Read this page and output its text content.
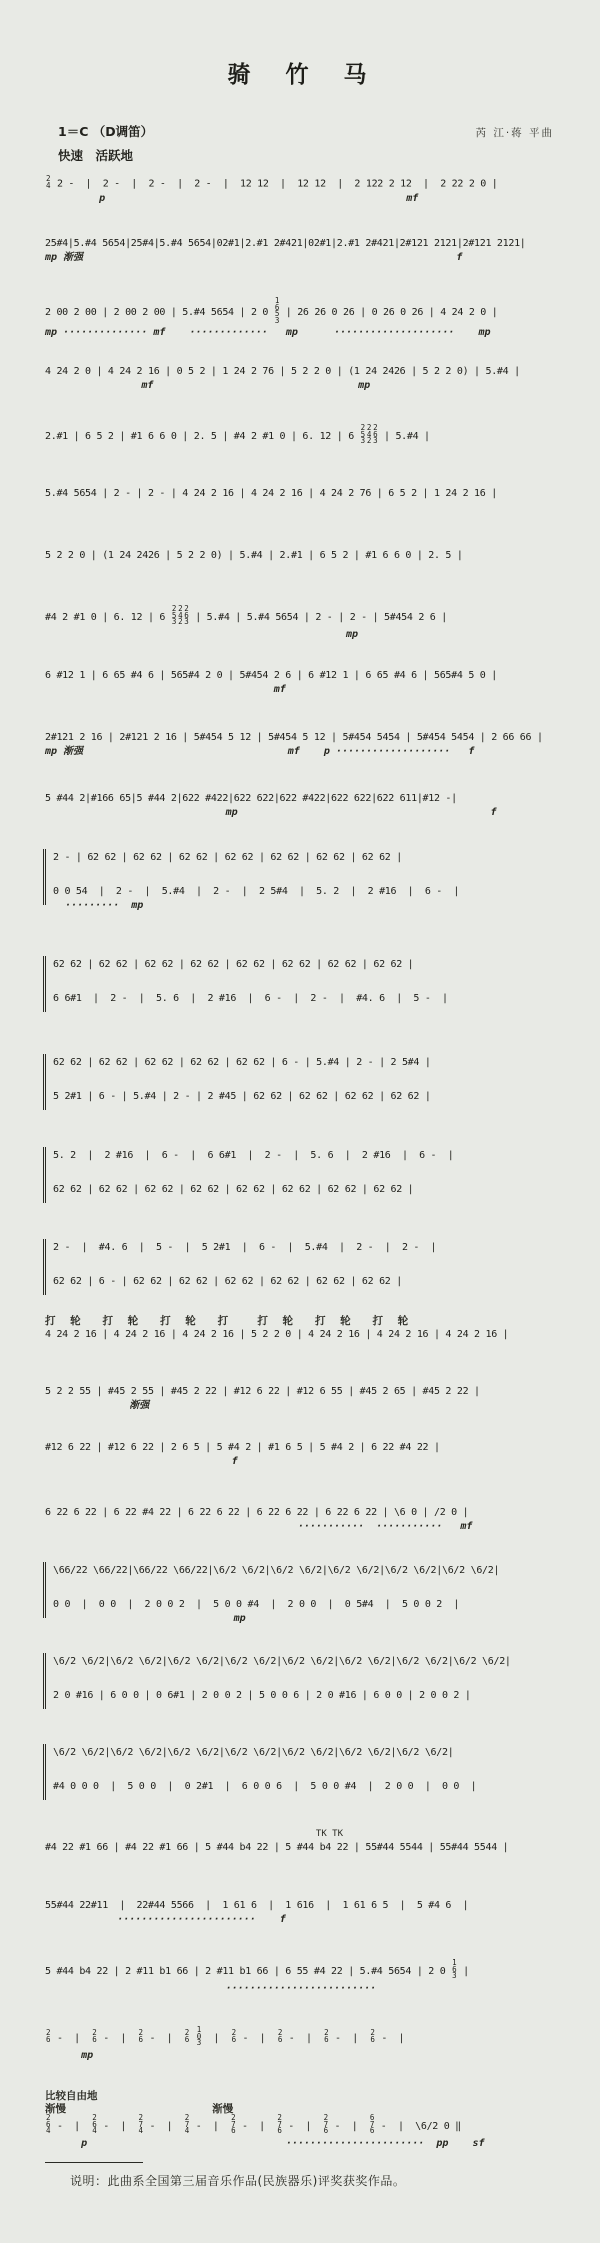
骑　竹　马
1＝C （D调笛）	芮 江·蒋 平曲
快速　活跃地
2
4 2 -  |  2 -  |  2 -  |  2 -  |  12 12  |  12 12  |  2 122 2 12  |  2 22 2 0 |
p                                                  mf
25#4|5.#4 5654|25#4|5.#4 5654|02#1|2.#1 2#421|02#1|2.#1 2#421|2#121 2121|2#121 2121|
mp 渐强                                                              f
2 00 2 00 | 2 00 2 00 | 5.#4 5654 | 2 0
1
6
5
3
| 26 26 0 26 | 0 26 0 26 | 4 24 2 0 |
mp ·············· mf    ·············   mp      ····················    mp
4 24 2 0 | 4 24 2 16 | 0 5 2 | 1 24 2 76 | 5 2 2 0 | (1 24 2426 | 5 2 2 0) | 5.#4 |
mf                                  mp
2.#1 | 6 5 2 | #1 6 6 0 | 2. 5 | #4 2 #1 0 | 6. 12 | 6
2
5
3
2
4
2
2
6
3 | 5.#4 |
5.#4 5654 | 2 - | 2 - | 4 24 2 16 | 4 24 2 16 | 4 24 2 76 | 6 5 2 | 1 24 2 16 |
5 2 2 0 | (1 24 2426 | 5 2 2 0) | 5.#4 | 2.#1 | 6 5 2 | #1 6 6 0 | 2. 5 |
#4 2 #1 0 | 6. 12 | 6
2
5
3
2
4
2
2
6
3 | 5.#4 | 5.#4 5654 | 2 - | 2 - | 5#454 2 6 |
mp
6 #12 1 | 6 65 #4 6 | 565#4 2 0 | 5#454 2 6 | 6 #12 1 | 6 65 #4 6 | 565#4 5 0 |
mf
2#121 2 16 | 2#121 2 16 | 5#454 5 12 | 5#454 5 12 | 5#454 5454 | 5#454 5454 | 2 66 66 |
mp 渐强                                  mf    p ···················   f
5 #44 2|#166 65|5 #44 2|622 #422|622 622|622 #422|622 622|622 611|#12 -|
mp                                          f
2 - | 62 62 | 62 62 | 62 62 | 62 62 | 62 62 | 62 62 | 62 62 |
0 0 54  |  2 -  |  5.#4  |  2 -  |  2 5#4  |  5. 2  |  2 #16  |  6 -  |
·········  mp
62 62 | 62 62 | 62 62 | 62 62 | 62 62 | 62 62 | 62 62 | 62 62 |
6 6#1  |  2 -  |  5. 6  |  2 #16  |  6 -  |  2 -  |  #4. 6  |  5 -  |
62 62 | 62 62 | 62 62 | 62 62 | 62 62 | 6 - | 5.#4 | 2 - | 2 5#4 |
5 2#1 | 6 - | 5.#4 | 2 - | 2 #45 | 62 62 | 62 62 | 62 62 | 62 62 |
5. 2  |  2 #16  |  6 -  |  6 6#1  |  2 -  |  5. 6  |  2 #16  |  6 -  |
62 62 | 62 62 | 62 62 | 62 62 | 62 62 | 62 62 | 62 62 | 62 62 |
2 -  |  #4. 6  |  5 -  |  5 2#1  |  6 -  |  5.#4  |  2 -  |  2 -  |
62 62 | 6 - | 62 62 | 62 62 | 62 62 | 62 62 | 62 62 | 62 62 |
打    轮      打    轮      打    轮      打        打    轮      打    轮      打    轮
4 24 2 16 | 4 24 2 16 | 4 24 2 16 | 5 2 2 0 | 4 24 2 16 | 4 24 2 16 | 4 24 2 16 |
5 2 2 55 | #45 2 55 | #45 2 22 | #12 6 22 | #12 6 55 | #45 2 65 | #45 2 22 |
渐强
#12 6 22 | #12 6 22 | 2 6 5 | 5 #4 2 | #1 6 5 | 5 #4 2 | 6 22 #4 22 |
f
6 22 6 22 | 6 22 #4 22 | 6 22 6 22 | 6 22 6 22 | 6 22 6 22 | \6 0 | /2 0 |
···········  ···········   mf
\66/22 \66/22|\66/22 \66/22|\6/2 \6/2|\6/2 \6/2|\6/2 \6/2|\6/2 \6/2|\6/2 \6/2|
0 0  |  0 0  |  2 0 0 2  |  5 0 0 #4  |  2 0 0  |  0 5#4  |  5 0 0 2  |
mp
\6/2 \6/2|\6/2 \6/2|\6/2 \6/2|\6/2 \6/2|\6/2 \6/2|\6/2 \6/2|\6/2 \6/2|\6/2 \6/2|
2 0 #16 | 6 0 0 | 0 6#1 | 2 0 0 2 | 5 0 0 6 | 2 0 #16 | 6 0 0 | 2 0 0 2 |
\6/2 \6/2|\6/2 \6/2|\6/2 \6/2|\6/2 \6/2|\6/2 \6/2|\6/2 \6/2|\6/2 \6/2|
#4 0 0 0  |  5 0 0  |  0 2#1  |  6 0 0 6  |  5 0 0 #4  |  2 0 0  |  0 0  |
TK TK
#4 22 #1 66 | #4 22 #1 66 | 5 #44 b4 22 | 5 #44 b4 22 | 55#44 5544 | 55#44 5544 |
55#44 22#11  |  22#44 5566  |  1 61 6  |  1 616  |  1 61 6 5  |  5 #4 6  |
·······················    f
5 #44 b4 22 | 2 #11 b1 66 | 2 #11 b1 66 | 6 55 #4 22 | 5.#4 5654 | 2 0
1
6
3 |
·························
2
6 -  | 2
6 -  | 2
6 -  | 2
6

1
0
3 | 2
6 -  | 2
6 -  | 2
6 -  | 2
6 -  |
mp
比较自由地
渐慢                                        渐慢
2
6
4 -  |
2
6
4 -  |
2
7
4 -  |
2
7
4 -  |
2
7
6 -  |
2
7
6 -  |
2
7
6 -  |
6
7
6 -  |  \6/2 0 ‖
p                                 ·······················  pp    sf

说明：此曲系全国第三届音乐作品(民族器乐)评奖获奖作品。
